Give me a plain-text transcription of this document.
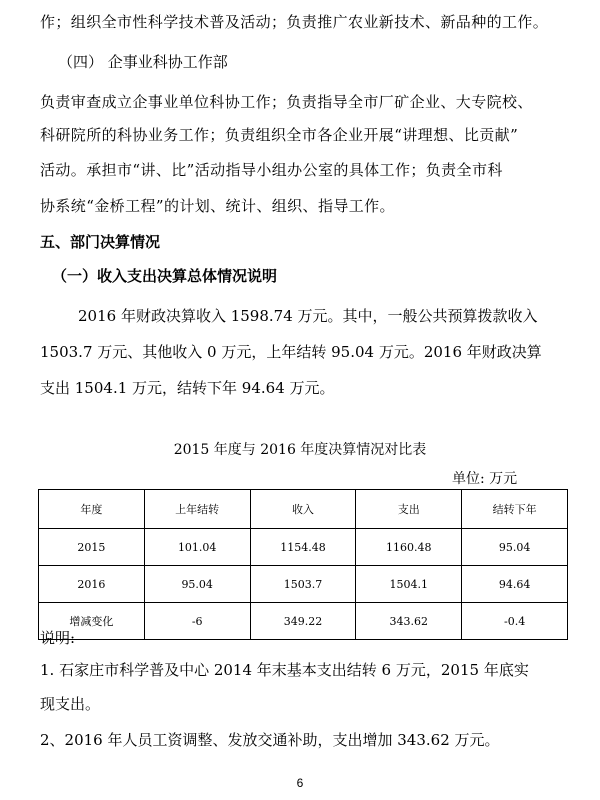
作；组织全市性科学技术普及活动；负责推广农业新技术、新品种的工作。
（四） 企事业科协工作部
负责审查成立企事业单位科协工作；负责指导全市厂矿企业、大专院校、
科研院所的科协业务工作；负责组织全市各企业开展“讲理想、比贡献”
活动。承担市“讲、比”活动指导小组办公室的具体工作；负责全市科
协系统“金桥工程”的计划、统计、组织、指导工作。
五、部门决算情况
（一）收入支出决算总体情况说明
2016 年财政决算收入 1598.74 万元。其中，一般公共预算拨款收入
1503.7 万元、其他收入 0 万元，上年结转 95.04 万元。2016 年财政决算
支出 1504.1 万元，结转下年 94.64 万元。
2015 年度与 2016 年度决算情况对比表
单位: 万元
年度	上年结转	收入	支出	结转下年
2015	101.04	1154.48	1160.48	95.04
2016	95.04	1503.7	1504.1	94.64
增减变化	-6	349.22	343.62	-0.4
说明:
1. 石家庄市科学普及中心 2014 年末基本支出结转 6 万元，2015 年底实
现支出。
2、2016 年人员工资调整、发放交通补助，支出增加 343.62 万元。
6
